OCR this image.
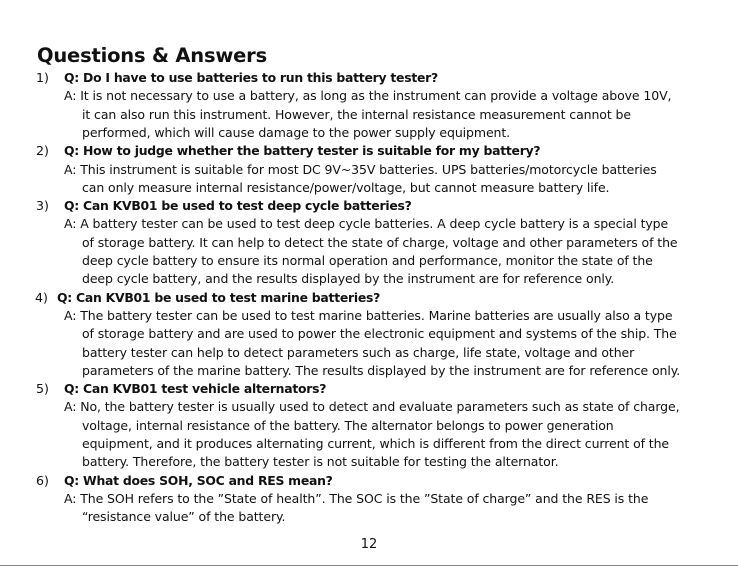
Questions & Answers
1) Q: Do I have to use batteries to run this battery tester?
A: It is not necessary to use a battery, as long as the instrument can provide a voltage above 10V,
it can also run this instrument. However, the internal resistance measurement cannot be
performed, which will cause damage to the power supply equipment.
2) Q: How to judge whether the battery tester is suitable for my battery?
A: This instrument is suitable for most DC 9V~35V batteries. UPS batteries/motorcycle batteries
can only measure internal resistance/power/voltage, but cannot measure battery life.
3) Q: Can KVB01 be used to test deep cycle batteries?
A: A battery tester can be used to test deep cycle batteries. A deep cycle battery is a special type
of storage battery. It can help to detect the state of charge, voltage and other parameters of the
deep cycle battery to ensure its normal operation and performance, monitor the state of the
deep cycle battery, and the results displayed by the instrument are for reference only.
4) Q: Can KVB01 be used to test marine batteries?
A: The battery tester can be used to test marine batteries. Marine batteries are usually also a type
of storage battery and are used to power the electronic equipment and systems of the ship. The
battery tester can help to detect parameters such as charge, life state, voltage and other
parameters of the marine battery. The results displayed by the instrument are for reference only.
5) Q: Can KVB01 test vehicle alternators?
A: No, the battery tester is usually used to detect and evaluate parameters such as state of charge,
voltage, internal resistance of the battery. The alternator belongs to power generation
equipment, and it produces alternating current, which is different from the direct current of the
battery. Therefore, the battery tester is not suitable for testing the alternator.
6) Q: What does SOH, SOC and RES mean?
A: The SOH refers to the ”State of health”. The SOC is the ”State of charge” and the RES is the
“resistance value” of the battery.
12
